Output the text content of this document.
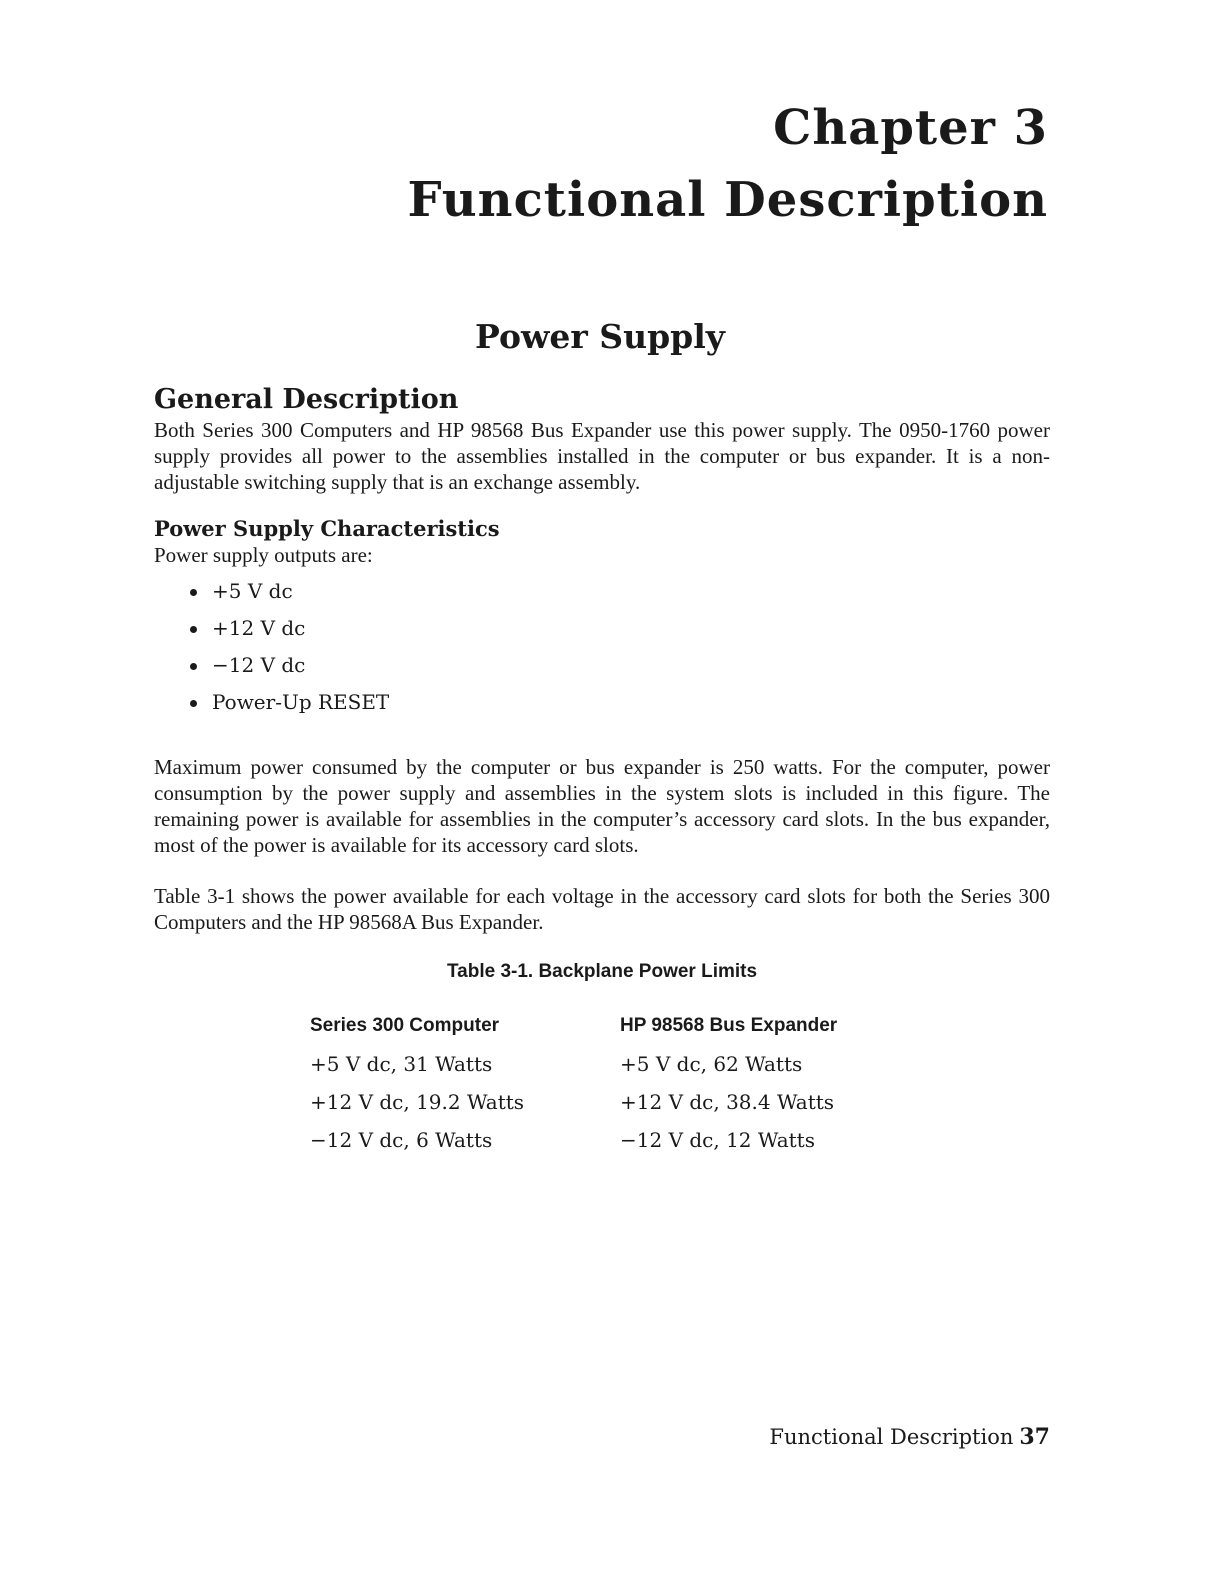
Chapter 3
Functional Description
Power Supply
General Description

Both Series 300 Computers and HP 98568 Bus Expander use this power supply. The 0950-1760 power supply provides all power to the assemblies installed in the computer or bus expander. It is a non-adjustable switching supply that is an exchange assembly.

Power Supply Characteristics

Power supply outputs are:

+5 V dc
+12 V dc
−12 V dc
Power-Up RESET

Maximum power consumed by the computer or bus expander is 250 watts. For the computer, power consumption by the power supply and assemblies in the system slots is included in this figure. The remaining power is available for assemblies in the computer’s accessory card slots. In the bus expander, most of the power is available for its accessory card slots.

Table 3-1 shows the power available for each voltage in the accessory card slots for both the Series 300 Computers and the HP 98568A Bus Expander.

Table 3-1. Backplane Power Limits
Series 300 Computer	HP 98568 Bus Expander
+5 V dc, 31 Watts	+5 V dc, 62 Watts
+12 V dc, 19.2 Watts	+12 V dc, 38.4 Watts
−12 V dc, 6 Watts	−12 V dc, 12 Watts
Functional Description 37
